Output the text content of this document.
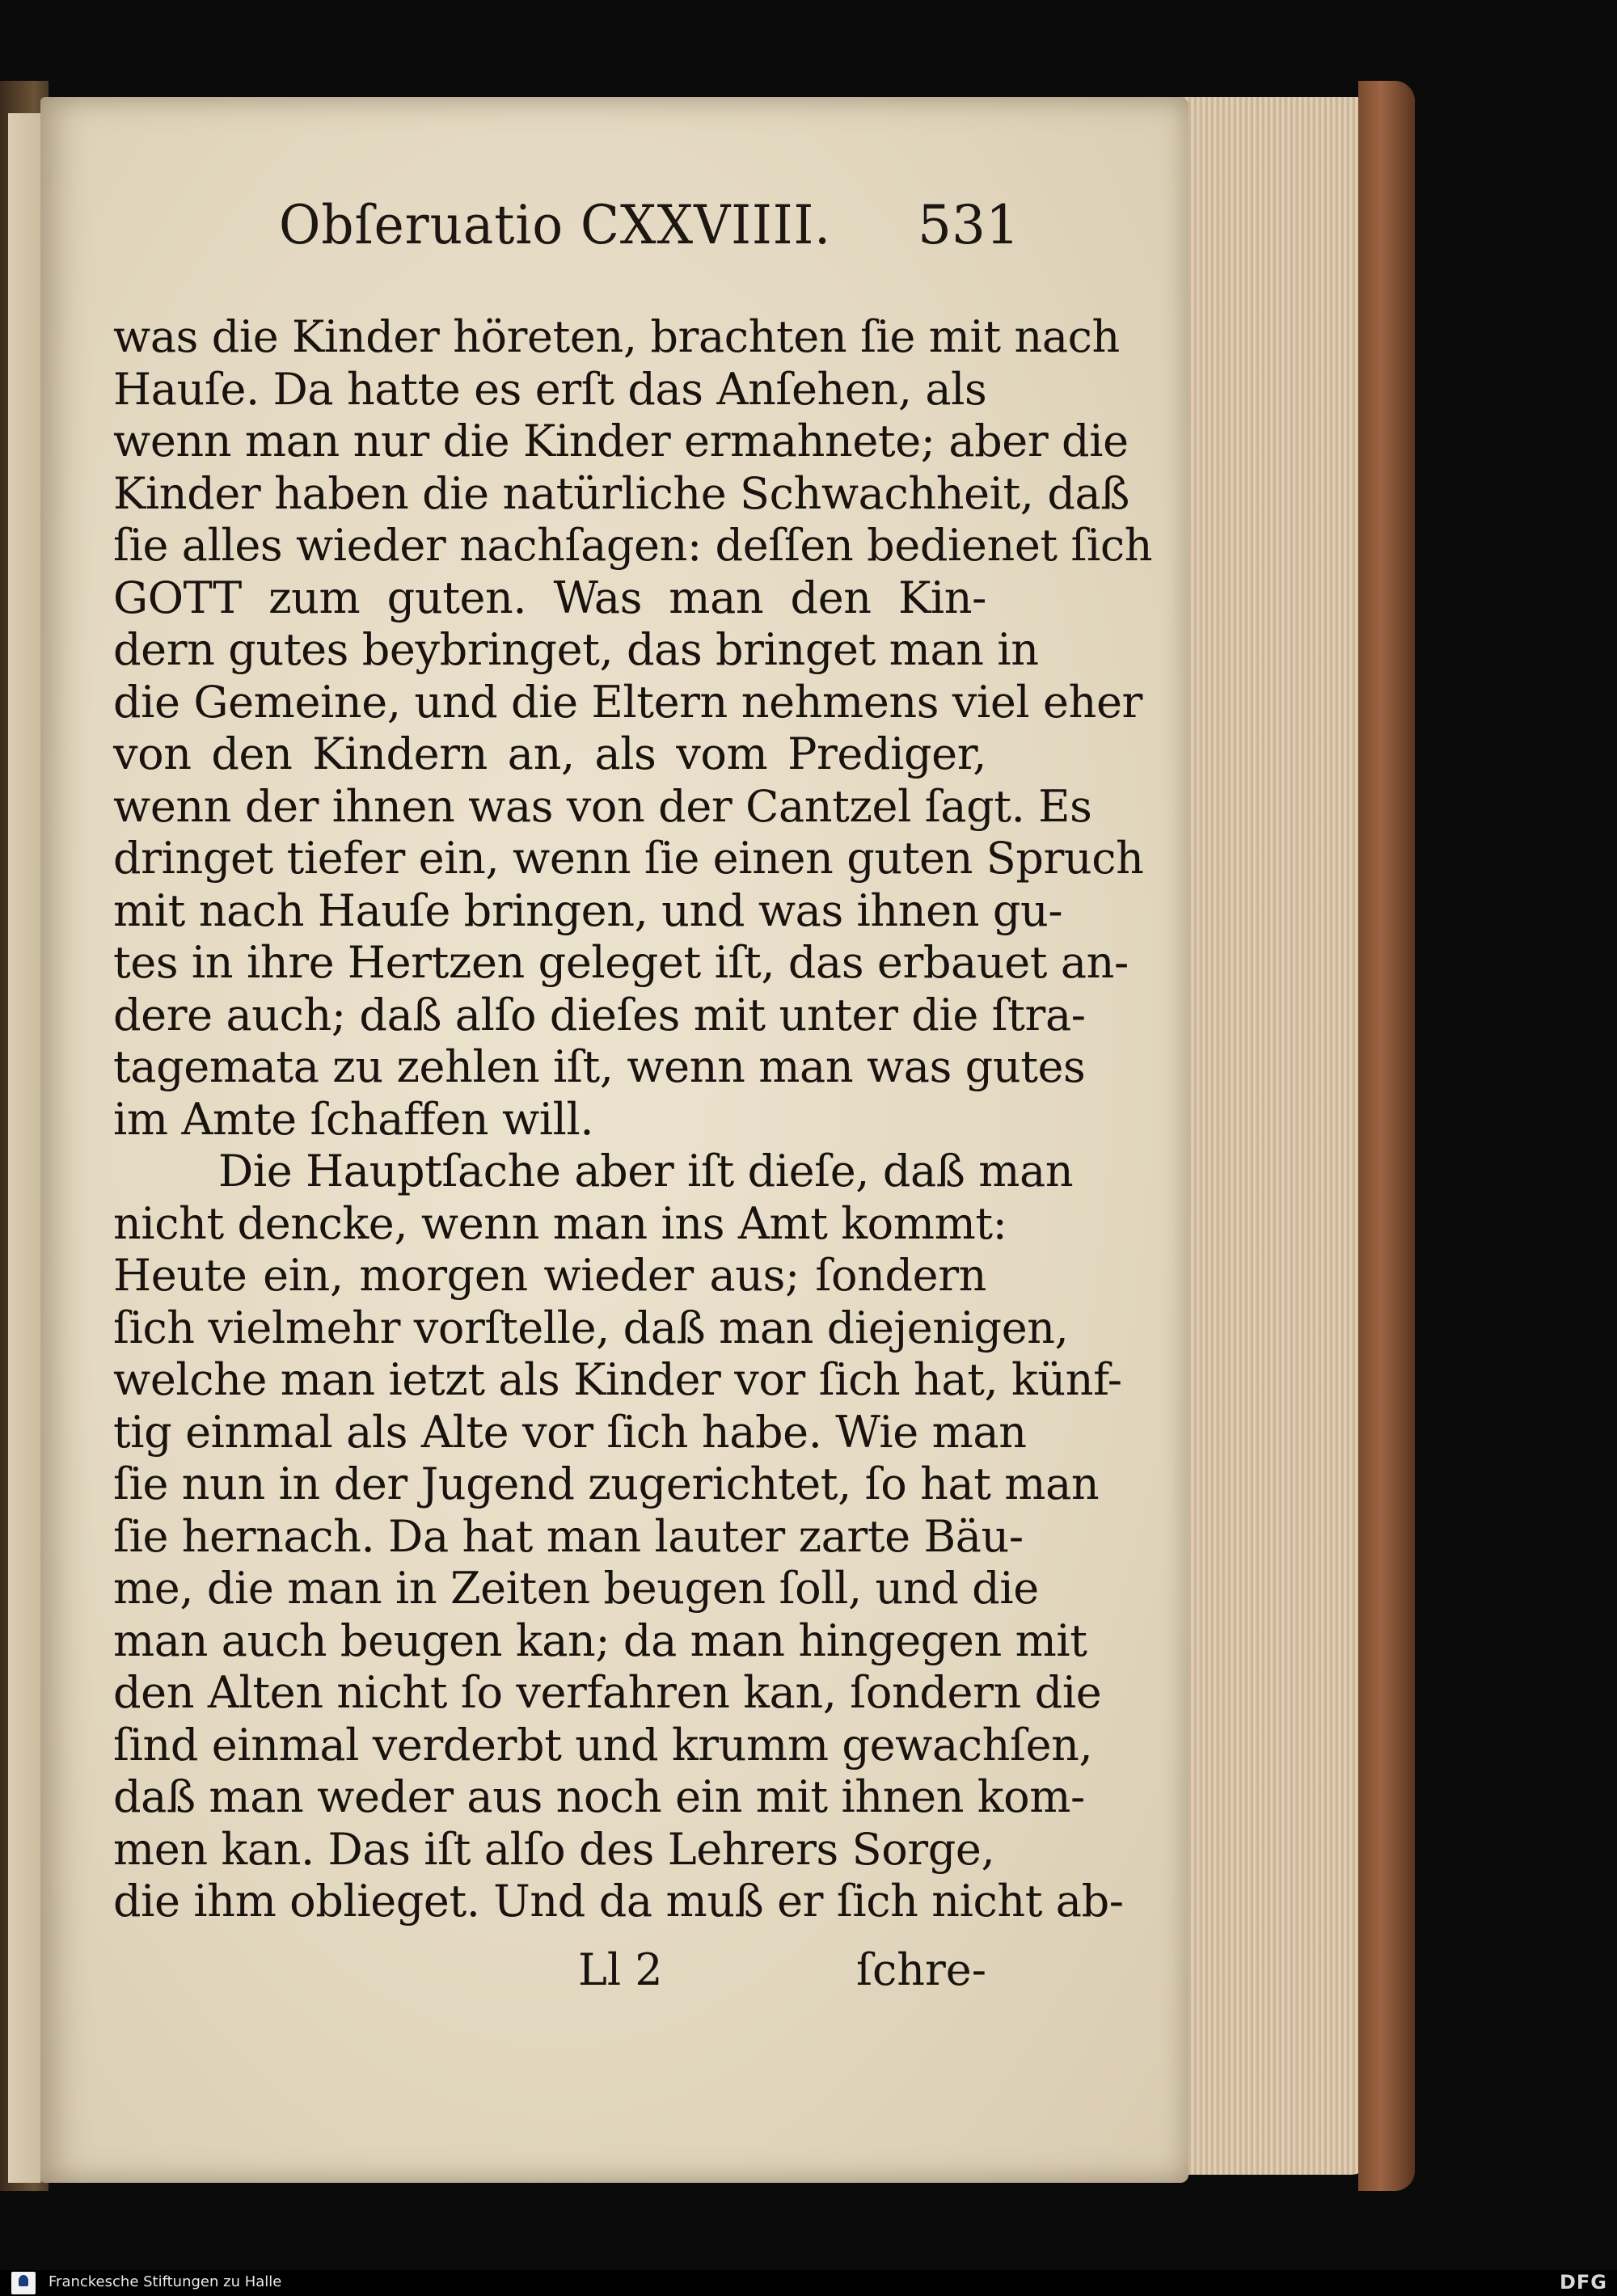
Obſeruatio CXXVIIII. 531
was die Kinder höreten, brachten ſie mit nach
Hauſe. Da hatte es erſt das Anſehen, als
wenn man nur die Kinder ermahnete; aber die
Kinder haben die natürliche Schwachheit, daß
ſie alles wieder nachſagen: deſſen bedienet ſich
GOTT zum guten. Was man den Kin-
dern gutes beybringet, das bringet man in
die Gemeine, und die Eltern nehmens viel eher
von den Kindern an, als vom Prediger,
wenn der ihnen was von der Cantzel ſagt. Es
dringet tiefer ein, wenn ſie einen guten Spruch
mit nach Hauſe bringen, und was ihnen gu-
tes in ihre Hertzen geleget iſt, das erbauet an-
dere auch; daß alſo dieſes mit unter die ſtra-
tagemata zu zehlen iſt, wenn man was gutes
im Amte ſchaffen will.
Die Hauptſache aber iſt dieſe, daß man
nicht dencke, wenn man ins Amt kommt:
Heute ein, morgen wieder aus; ſondern
ſich vielmehr vorſtelle, daß man diejenigen,
welche man ietzt als Kinder vor ſich hat, künf-
tig einmal als Alte vor ſich habe. Wie man
ſie nun in der Jugend zugerichtet, ſo hat man
ſie hernach. Da hat man lauter zarte Bäu-
me, die man in Zeiten beugen ſoll, und die
man auch beugen kan; da man hingegen mit
den Alten nicht ſo verfahren kan, ſondern die
ſind einmal verderbt und krumm gewachſen,
daß man weder aus noch ein mit ihnen kom-
men kan. Das iſt alſo des Lehrers Sorge,
die ihm oblieget. Und da muß er ſich nicht ab-
Ll 2	ſchre-
Franckesche Stiftungen zu Halle	DFG
